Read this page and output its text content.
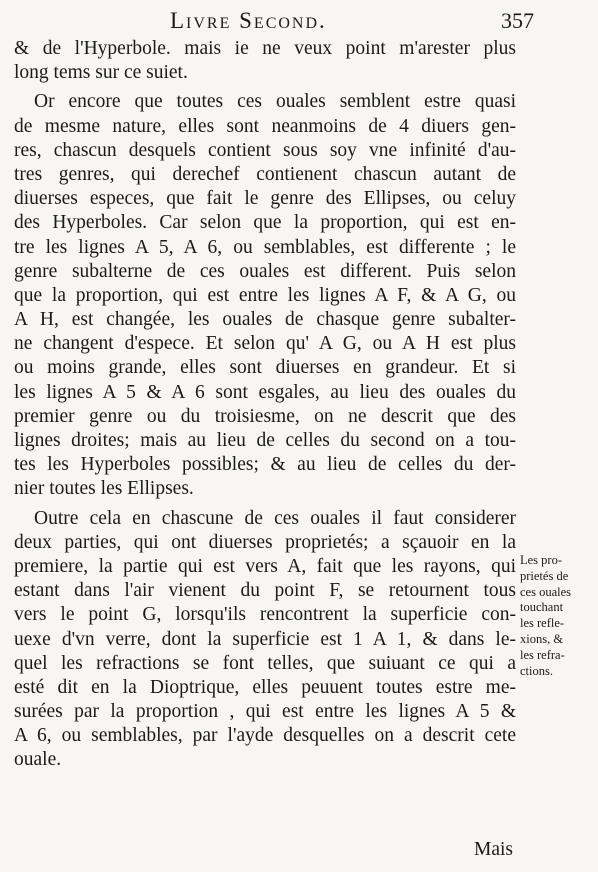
Livre Second.	357
& de l'Hyperbole. mais ie ne veux point m'arester plus
long tems sur ce suiet.
Or encore que toutes ces ouales semblent estre quasi
de mesme nature, elles sont neanmoins de 4 diuers gen-
res, chascun desquels contient sous soy vne infinité d'au-
tres genres, qui derechef contienent chascun autant de
diuerses especes, que fait le genre des Ellipses, ou celuy
des Hyperboles. Car selon que la proportion, qui est en-
tre les lignes A 5, A 6, ou semblables, est differente ; le
genre subalterne de ces ouales est different. Puis selon
que la proportion, qui est entre les lignes A F, & A G, ou
A H, est changée, les ouales de chasque genre subalter-
ne changent d'espece. Et selon qu' A G, ou A H est plus
ou moins grande, elles sont diuerses en grandeur. Et si
les lignes A 5 & A 6 sont esgales, au lieu des ouales du
premier genre ou du troisiesme, on ne descrit que des
lignes droites; mais au lieu de celles du second on a tou-
tes les Hyperboles possibles; & au lieu de celles du der-
nier toutes les Ellipses.
Outre cela en chascune de ces ouales il faut considerer
deux parties, qui ont diuerses proprietés; a sçauoir en la
premiere, la partie qui est vers A, fait que les rayons, qui
estant dans l'air vienent du point F, se retournent tous
vers le point G, lorsqu'ils rencontrent la superficie con-
uexe d'vn verre, dont la superficie est 1 A 1, & dans le-
quel les refractions se font telles, que suiuant ce qui a
esté dit en la Dioptrique, elles peuuent toutes estre me-
surées par la proportion , qui est entre les lignes A 5 &
A 6, ou semblables, par l'ayde desquelles on a descrit cete
ouale.
Les pro-
prietés de
ces ouales
touchant
les refle-
xions, &
les refra-
ctions.
Mais
